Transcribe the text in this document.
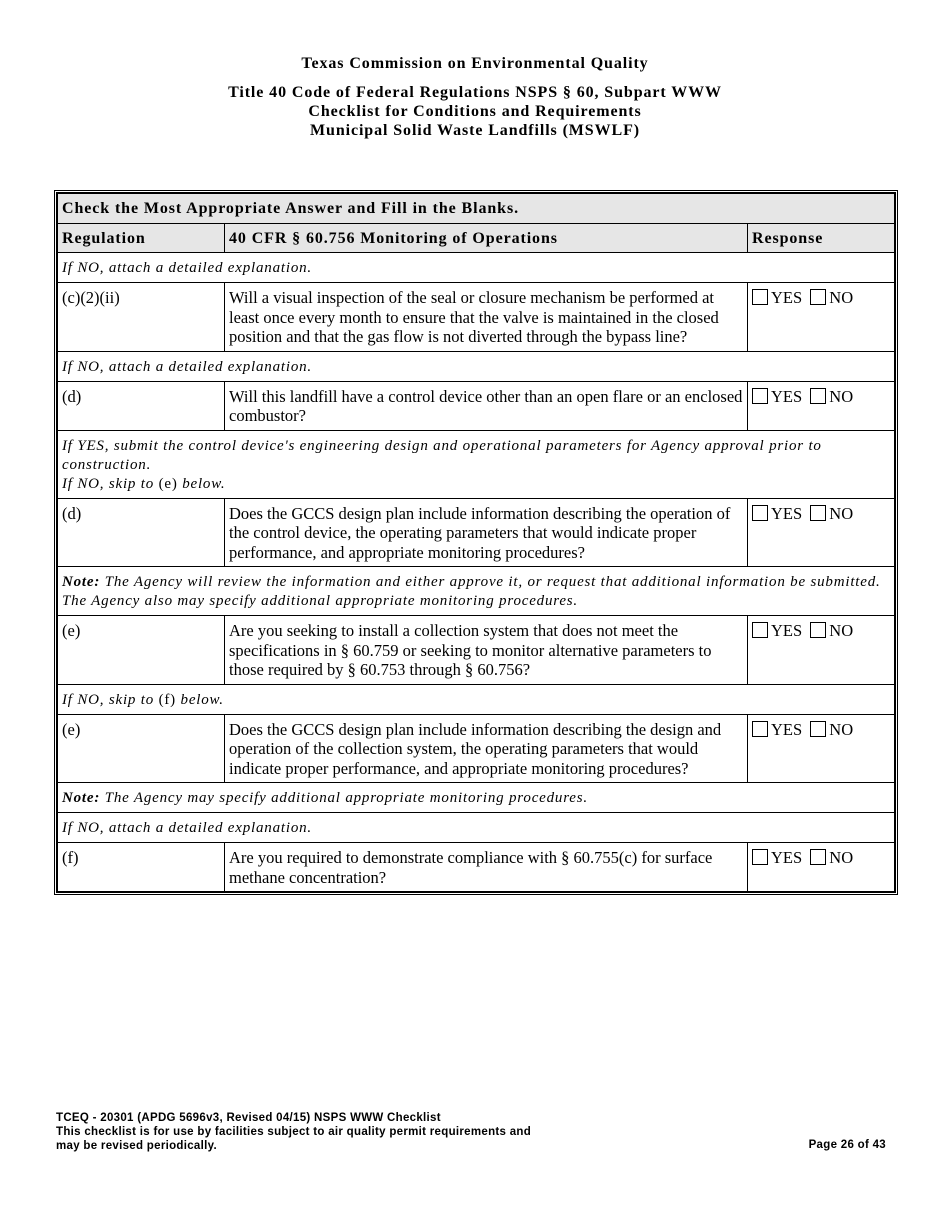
Texas Commission on Environmental Quality
Title 40 Code of Federal Regulations NSPS § 60, Subpart WWW
Checklist for Conditions and Requirements
Municipal Solid Waste Landfills (MSWLF)
Check the Most Appropriate Answer and Fill in the Blanks.		
Regulation	40 CFR § 60.756 Monitoring of Operations	Response
If NO, attach a detailed explanation.		
(c)(2)(ii)	Will a visual inspection of the seal or closure mechanism be performed at least once every month to ensure that the valve is maintained in the closed position and that the gas flow is not diverted through the bypass line?	YES NO
If NO, attach a detailed explanation.		
(d)	Will this landfill have a control device other than an open flare or an enclosed combustor?	YES NO

If YES, submit the control device's engineering design and operational parameters for Agency approval prior to construction.
If NO, skip to (e) below.		

(d)	Does the GCCS design plan include information describing the operation of the control device, the operating parameters that would indicate proper performance, and appropriate monitoring procedures?	YES NO
Note: The Agency will review the information and either approve it, or request that additional information be submitted. The Agency also may specify additional appropriate monitoring procedures.		
(e)	Are you seeking to install a collection system that does not meet the specifications in § 60.759 or seeking to monitor alternative parameters to those required by § 60.753 through § 60.756?	YES NO
If NO, skip to (f) below.		
(e)	Does the GCCS design plan include information describing the design and operation of the collection system, the operating parameters that would indicate proper performance, and appropriate monitoring procedures?	YES NO
Note: The Agency may specify additional appropriate monitoring procedures.		
If NO, attach a detailed explanation.		
(f)	Are you required to demonstrate compliance with § 60.755(c) for surface methane concentration?	YES NO
TCEQ - 20301 (APDG 5696v3, Revised 04/15) NSPS WWW Checklist
This checklist is for use by facilities subject to air quality permit requirements and
may be revised periodically.	Page 26 of 43
